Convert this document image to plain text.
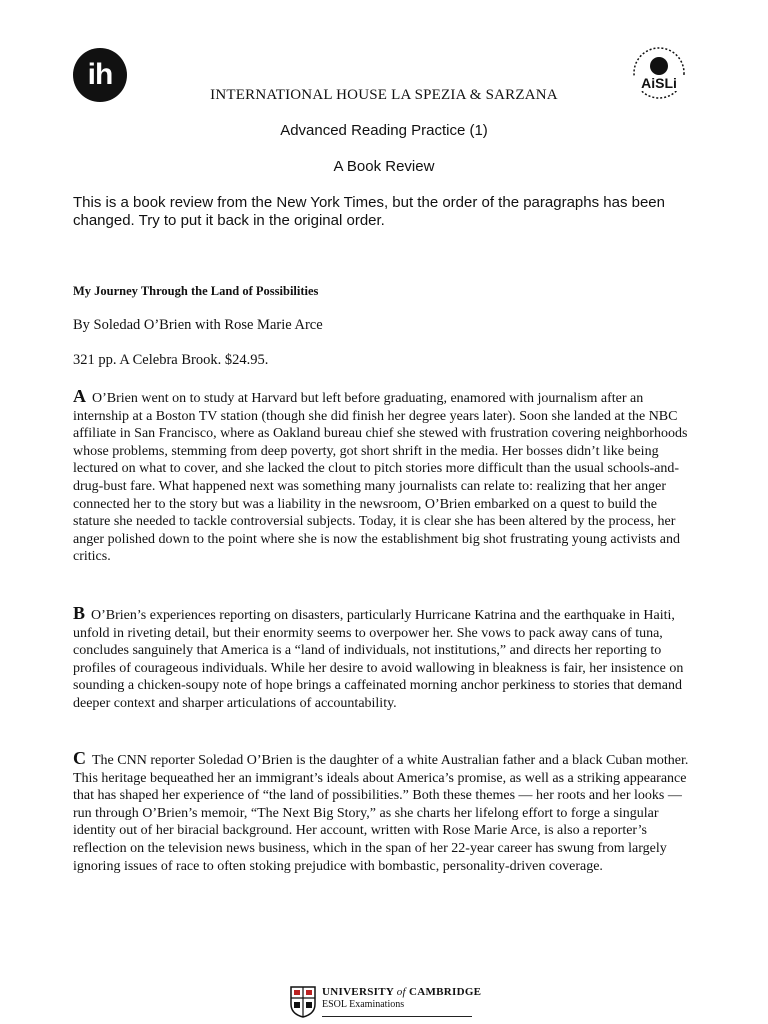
ih	AiSLi
INTERNATIONAL HOUSE LA SPEZIA & SARZANA
Advanced Reading Practice (1)
A Book Review
This is a book review from the New York Times, but the order of the paragraphs has been changed. Try to put it back in the original order.
My Journey Through the Land of Possibilities
By Soledad O’Brien with Rose Marie Arce
321 pp. A Celebra Brook. $24.95.
A O’Brien went on to study at Harvard but left before graduating, enamored with journalism after an internship at a Boston TV station (though she did finish her degree years later). Soon she landed at the NBC affiliate in San Francisco, where as Oakland bureau chief she stewed with frustration covering neighborhoods whose problems, stemming from deep poverty, got short shrift in the media. Her bosses didn’t like being lectured on what to cover, and she lacked the clout to pitch stories more difficult than the usual schools-and-drug-bust fare. What happened next was something many journalists can relate to: realizing that her anger connected her to the story but was a liability in the newsroom, O’Brien embarked on a quest to build the stature she needed to tackle controversial subjects. Today, it is clear she has been altered by the process, her anger polished down to the point where she is now the establishment big shot frustrating young activists and critics.
B O’Brien’s experiences reporting on disasters, particularly Hurricane Katrina and the earthquake in Haiti, unfold in riveting detail, but their enormity seems to overpower her. She vows to pack away cans of tuna, concludes sanguinely that America is a “land of individuals, not institutions,” and directs her reporting to profiles of courageous individuals. While her desire to avoid wallowing in bleakness is fair, her insistence on sounding a chicken-soupy note of hope brings a caffeinated morning anchor perkiness to stories that demand deeper context and sharper articulations of accountability.
C The CNN reporter Soledad O’Brien is the daughter of a white Australian father and a black Cuban mother. This heritage bequeathed her an immigrant’s ideals about America’s promise, as well as a striking appearance that has shaped her experience of “the land of possibilities.” Both these themes — her roots and her looks — run through O’Brien’s memoir, “The Next Big Story,” as she charts her lifelong effort to forge a singular identity out of her biracial background. Her account, written with Rose Marie Arce, is also a reporter’s reflection on the television news business, which in the span of her 22-year career has swung from largely ignoring issues of race to often stoking prejudice with bombastic, personality-driven coverage.
UNIVERSITY of CAMBRIDGE
ESOL Examinations
